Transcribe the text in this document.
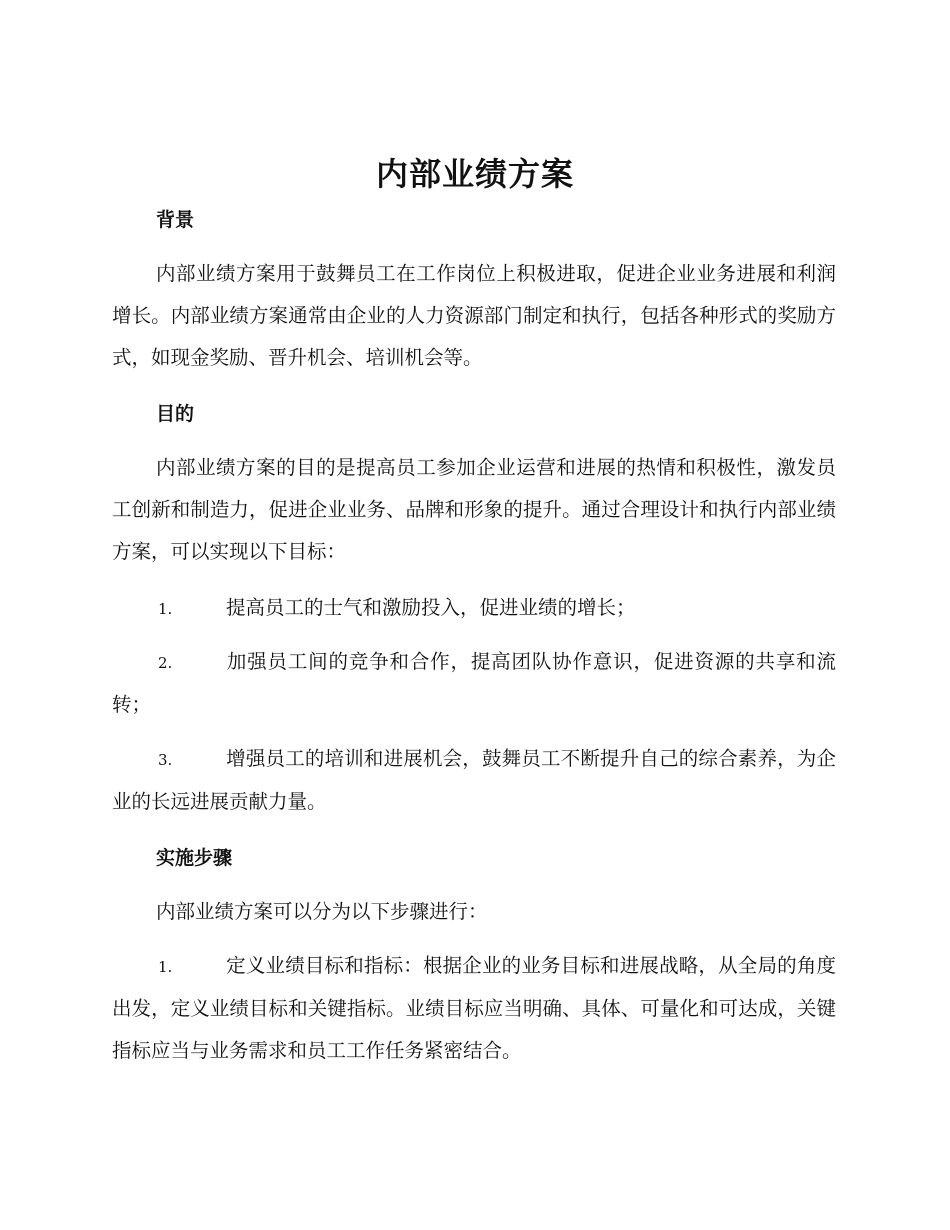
内部业绩方案
背景

内部业绩方案用于鼓舞员工在工作岗位上积极进取，促进企业业务进展和利润增长。内部业绩方案通常由企业的人力资源部门制定和执行，包括各种形式的奖励方式，如现金奖励、晋升机会、培训机会等。

目的

内部业绩方案的目的是提高员工参加企业运营和进展的热情和积极性，激发员工创新和制造力，促进企业业务、品牌和形象的提升。通过合理设计和执行内部业绩方案，可以实现以下目标：

1.	提高员工的士气和激励投入，促进业绩的增长；

2.	加强员工间的竞争和合作，提高团队协作意识，促进资源的共享和流转；

3.	增强员工的培训和进展机会，鼓舞员工不断提升自己的综合素养，为企业的长远进展贡献力量。

实施步骤

内部业绩方案可以分为以下步骤进行：

1.	定义业绩目标和指标：根据企业的业务目标和进展战略，从全局的角度出发，定义业绩目标和关键指标。业绩目标应当明确、具体、可量化和可达成，关键指标应当与业务需求和员工工作任务紧密结合。
